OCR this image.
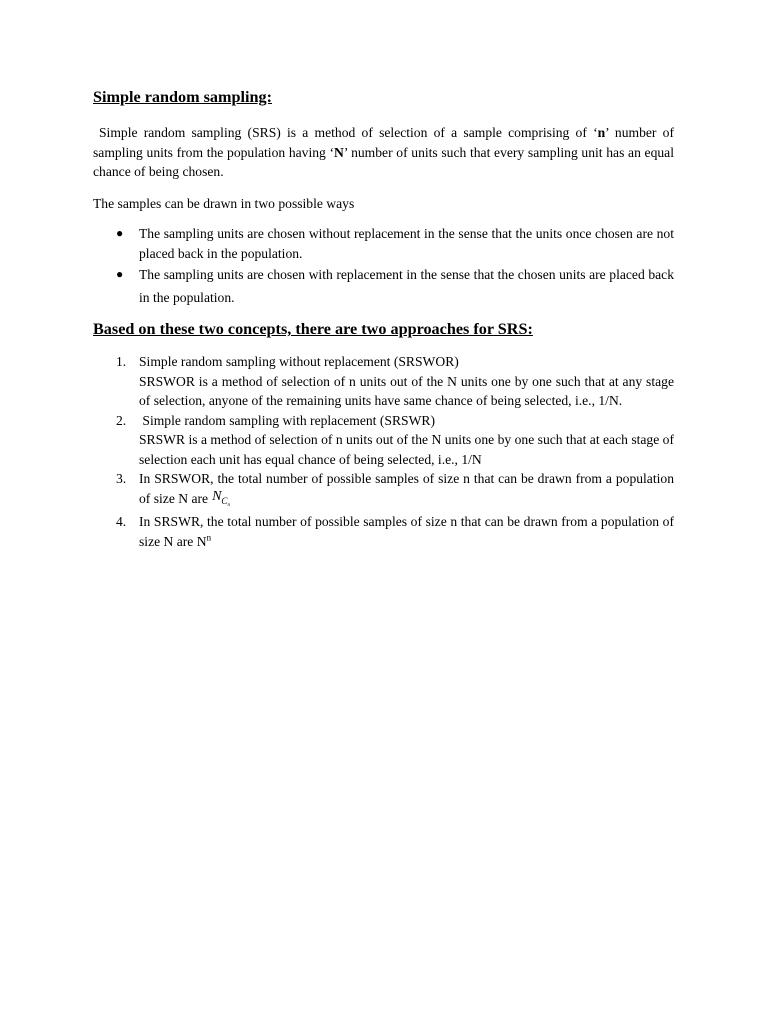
Simple random sampling:

Simple random sampling (SRS) is a method of selection of a sample comprising of ‘n’ number of sampling units from the population having ‘N’ number of units such that every sampling unit has an equal chance of being chosen.

The samples can be drawn in two possible ways

● The sampling units are chosen without replacement in the sense that the units once chosen are not placed back in the population.
● The sampling units are chosen with replacement in the sense that the chosen units are placed back in the population.

Based on these two concepts, there are two approaches for SRS:

1. Simple random sampling without replacement (SRSWOR)
SRSWOR is a method of selection of n units out of the N units one by one such that at any stage of selection, anyone of the remaining units have same chance of being selected, i.e., 1/N.
2. Simple random sampling with replacement (SRSWR)
SRSWR is a method of selection of n units out of the N units one by one such that at each stage of selection each unit has equal chance of being selected, i.e., 1/N
3. In SRSWOR, the total number of possible samples of size n that can be drawn from a population of size N are $N_{Cn}$
4. In SRSWR, the total number of possible samples of size n that can be drawn from a population of size N are $N^n$
